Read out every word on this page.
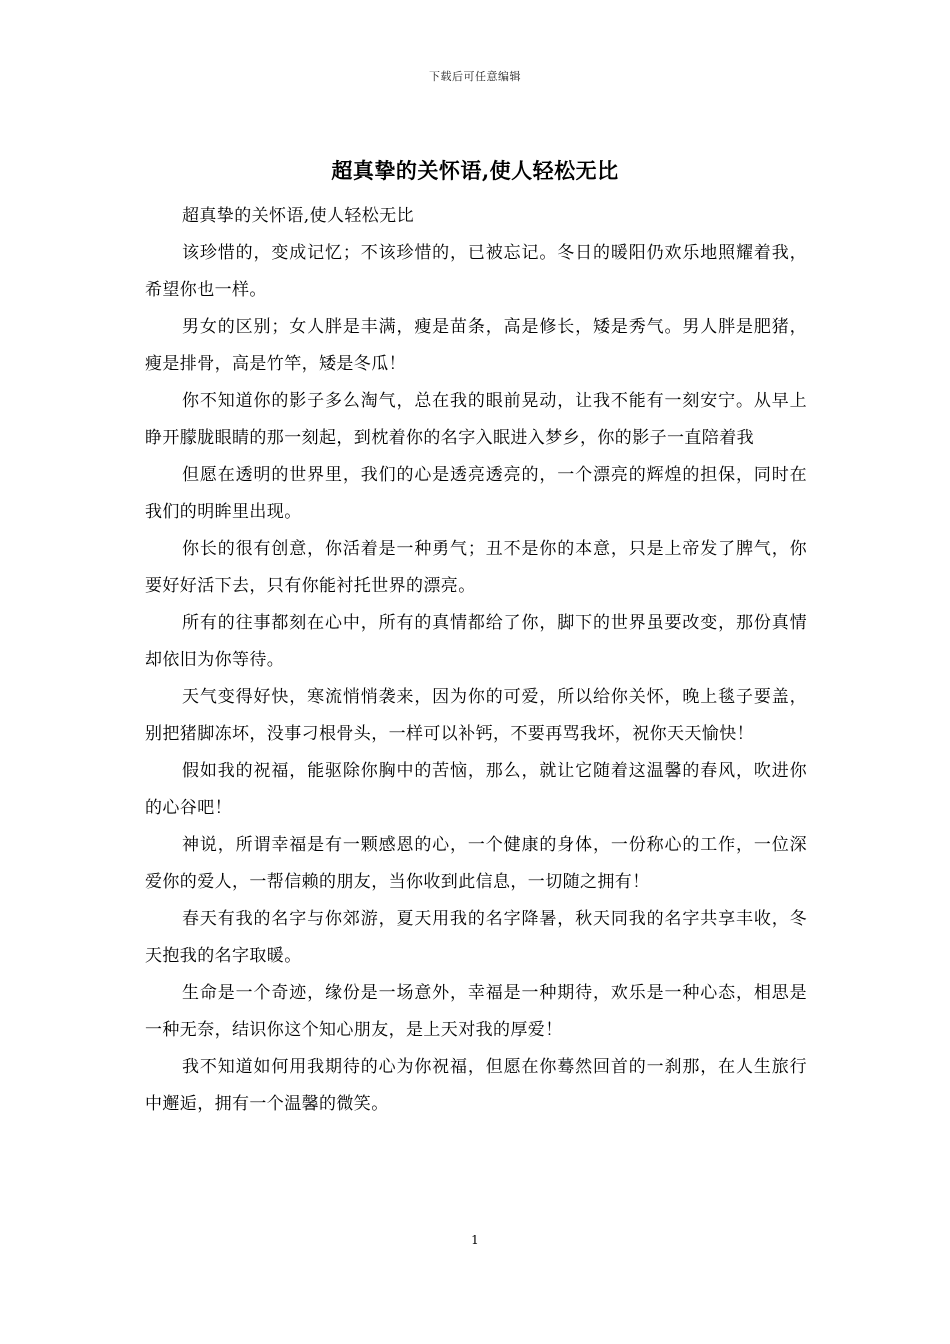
下载后可任意编辑
超真挚的关怀语,使人轻松无比

超真挚的关怀语,使人轻松无比

该珍惜的，变成记忆；不该珍惜的，已被忘记。冬日的暖阳仍欢乐地照耀着我，希望你也一样。

男女的区别；女人胖是丰满，瘦是苗条，高是修长，矮是秀气。男人胖是肥猪，瘦是排骨，高是竹竿，矮是冬瓜！

你不知道你的影子多么淘气，总在我的眼前晃动，让我不能有一刻安宁。从早上睁开朦胧眼睛的那一刻起，到枕着你的名字入眠进入梦乡，你的影子一直陪着我

但愿在透明的世界里，我们的心是透亮透亮的，一个漂亮的辉煌的担保，同时在我们的明眸里出现。

你长的很有创意，你活着是一种勇气；丑不是你的本意，只是上帝发了脾气，你要好好活下去，只有你能衬托世界的漂亮。

所有的往事都刻在心中，所有的真情都给了你，脚下的世界虽要改变，那份真情却依旧为你等待。

天气变得好快，寒流悄悄袭来，因为你的可爱，所以给你关怀，晚上毯子要盖，别把猪脚冻坏，没事刁根骨头，一样可以补钙，不要再骂我坏，祝你天天愉快！

假如我的祝福，能驱除你胸中的苦恼，那么，就让它随着这温馨的春风，吹进你的心谷吧！

神说，所谓幸福是有一颗感恩的心，一个健康的身体，一份称心的工作，一位深爱你的爱人，一帮信赖的朋友，当你收到此信息，一切随之拥有！

春天有我的名字与你郊游，夏天用我的名字降暑，秋天同我的名字共享丰收，冬天抱我的名字取暖。

生命是一个奇迹，缘份是一场意外，幸福是一种期待，欢乐是一种心态，相思是一种无奈，结识你这个知心朋友，是上天对我的厚爱！

我不知道如何用我期待的心为你祝福，但愿在你蓦然回首的一刹那，在人生旅行中邂逅，拥有一个温馨的微笑。

1
